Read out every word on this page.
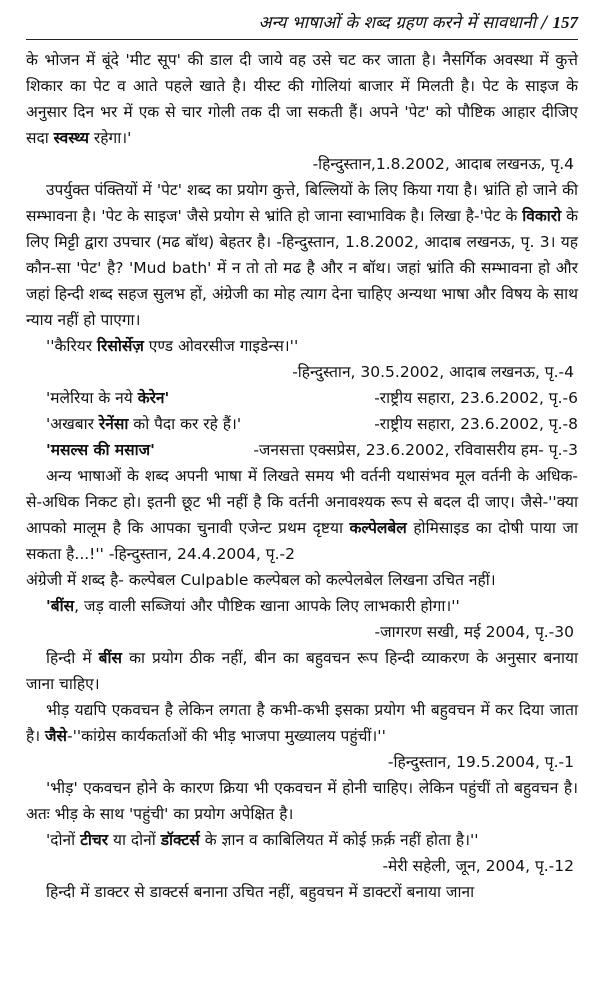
अन्य भाषाओं के शब्द ग्रहण करने में सावधानी / 157

के भोजन में बूंदे 'मीट सूप' की डाल दी जाये वह उसे चट कर जाता है। नैसर्गिक अवस्था में कुत्ते शिकार का पेट व आते पहले खाते है। यीस्ट की गोलियां बाजार में मिलती है। पेट के साइज के अनुसार दिन भर में एक से चार गोली तक दी जा सकती हैं। अपने 'पेट' को पौष्टिक आहार दीजिए सदा स्वस्थ्य रहेगा।'

-हिन्दुस्तान,1.8.2002, आदाब लखनऊ, पृ.4

उपर्युक्त पंक्तियों में 'पेट' शब्द का प्रयोग कुत्ते, बिल्लियों के लिए किया गया है। भ्रांति हो जाने की सम्भावना है। 'पेट के साइज' जैसे प्रयोग से भ्रांति हो जाना स्वाभाविक है। लिखा है-'पेट के विकारो के लिए मिट्टी द्वारा उपचार (मढ बॉथ) बेहतर है। -हिन्दुस्तान, 1.8.2002, आदाब लखनऊ, पृ. 3। यह कौन-सा 'पेट' है? 'Mud bath' में न तो तो मढ है और न बॉथ। जहां भ्रांति की सम्भावना हो और जहां हिन्दी शब्द सहज सुलभ हों, अंग्रेजी का मोह त्याग देना चाहिए अन्यथा भाषा और विषय के साथ न्याय नहीं हो पाएगा।

''कैरियर रिसोर्सेज़ एण्ड ओवरसीज गाइडेन्स।''

-हिन्दुस्तान, 30.5.2002, आदाब लखनऊ, पृ.-4

'मलेरिया के नये केरेन'	-राष्ट्रीय सहारा, 23.6.2002, पृ.-6
'अखबार रेनेंसा को पैदा कर रहे हैं।'	-राष्ट्रीय सहारा, 23.6.2002, पृ.-8
'मसल्स की मसाज'	-जनसत्ता एक्सप्रेस, 23.6.2002, रविवासरीय हम- पृ.-3

अन्य भाषाओं के शब्द अपनी भाषा में लिखते समय भी वर्तनी यथासंभव मूल वर्तनी के अधिक-से-अधिक निकट हो। इतनी छूट भी नहीं है कि वर्तनी अनावश्यक रूप से बदल दी जाए। जैसे-''क्या आपको मालूम है कि आपका चुनावी एजेन्ट प्रथम दृष्टया कल्पेलबेल होमिसाइड का दोषी पाया जा सकता है...!'' -हिन्दुस्तान, 24.4.2004, पृ.-2

अंग्रेजी में शब्द है- कल्पेबल Culpable कल्पेबल को कल्पेलबेल लिखना उचित नहीं।

'बींस, जड़ वाली सब्जियां और पौष्टिक खाना आपके लिए लाभकारी होगा।''

-जागरण सखी, मई 2004, पृ.-30

हिन्दी में बींस का प्रयोग ठीक नहीं, बीन का बहुवचन रूप हिन्दी व्याकरण के अनुसार बनाया जाना चाहिए।

भीड़ यद्यपि एकवचन है लेकिन लगता है कभी-कभी इसका प्रयोग भी बहुवचन में कर दिया जाता है। जैसे-''कांग्रेस कार्यकर्ताओं की भीड़ भाजपा मुख्यालय पहुंचीं।''

-हिन्दुस्तान, 19.5.2004, पृ.-1

'भीड़' एकवचन होने के कारण क्रिया भी एकवचन में होनी चाहिए। लेकिन पहुंचीं तो बहुवचन है। अतः भीड़ के साथ 'पहुंची' का प्रयोग अपेक्षित है।

'दोनों टीचर या दोनों डॉक्टर्स के ज्ञान व काबिलियत में कोई फ़र्क़ नहीं होता है।''

-मेरी सहेली, जून, 2004, पृ.-12

हिन्दी में डाक्टर से डाक्टर्स बनाना उचित नहीं, बहुवचन में डाक्टरों बनाया जाना
